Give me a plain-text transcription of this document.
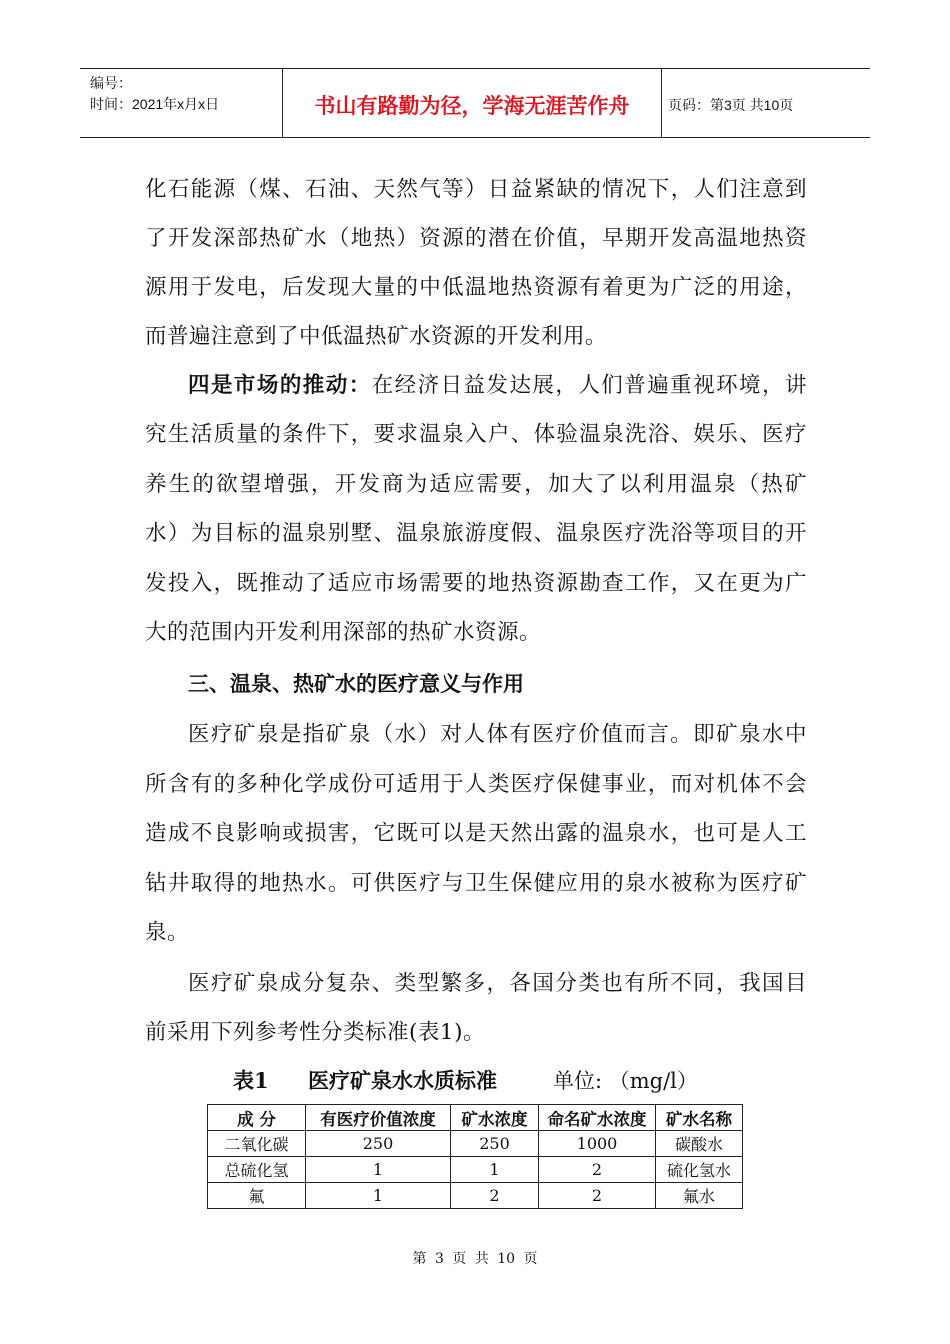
编号：
时间：2021年x月x日	书山有路勤为径，学海无涯苦作舟	页码：第3页 共10页
化石能源（煤、石油、天然气等）日益紧缺的情况下，人们注意到
了开发深部热矿水（地热）资源的潜在价值，早期开发高温地热资
源用于发电，后发现大量的中低温地热资源有着更为广泛的用途，
而普遍注意到了中低温热矿水资源的开发利用。
四是市场的推动：在经济日益发达展，人们普遍重视环境，讲
究生活质量的条件下，要求温泉入户、体验温泉洗浴、娱乐、医疗
养生的欲望增强，开发商为适应需要，加大了以利用温泉（热矿
水）为目标的温泉别墅、温泉旅游度假、温泉医疗洗浴等项目的开
发投入，既推动了适应市场需要的地热资源勘查工作，又在更为广
大的范围内开发利用深部的热矿水资源。
三、温泉、热矿水的医疗意义与作用
医疗矿泉是指矿泉（水）对人体有医疗价值而言。即矿泉水中
所含有的多种化学成份可适用于人类医疗保健事业，而对机体不会
造成不良影响或损害，它既可以是天然出露的温泉水，也可是人工
钻井取得的地热水。可供医疗与卫生保健应用的泉水被称为医疗矿
泉。
医疗矿泉成分复杂、类型繁多，各国分类也有所不同，我国目
前采用下列参考性分类标准(表1)。
表1 医疗矿泉水水质标准	单位: （mg/l）
成 分	有医疗价值浓度	矿水浓度	命名矿水浓度	矿水名称
二氧化碳	250	250	1000	碳酸水
总硫化氢	1	1	2	硫化氢水
氟	1	2	2	氟水
第 3 页 共 10 页
